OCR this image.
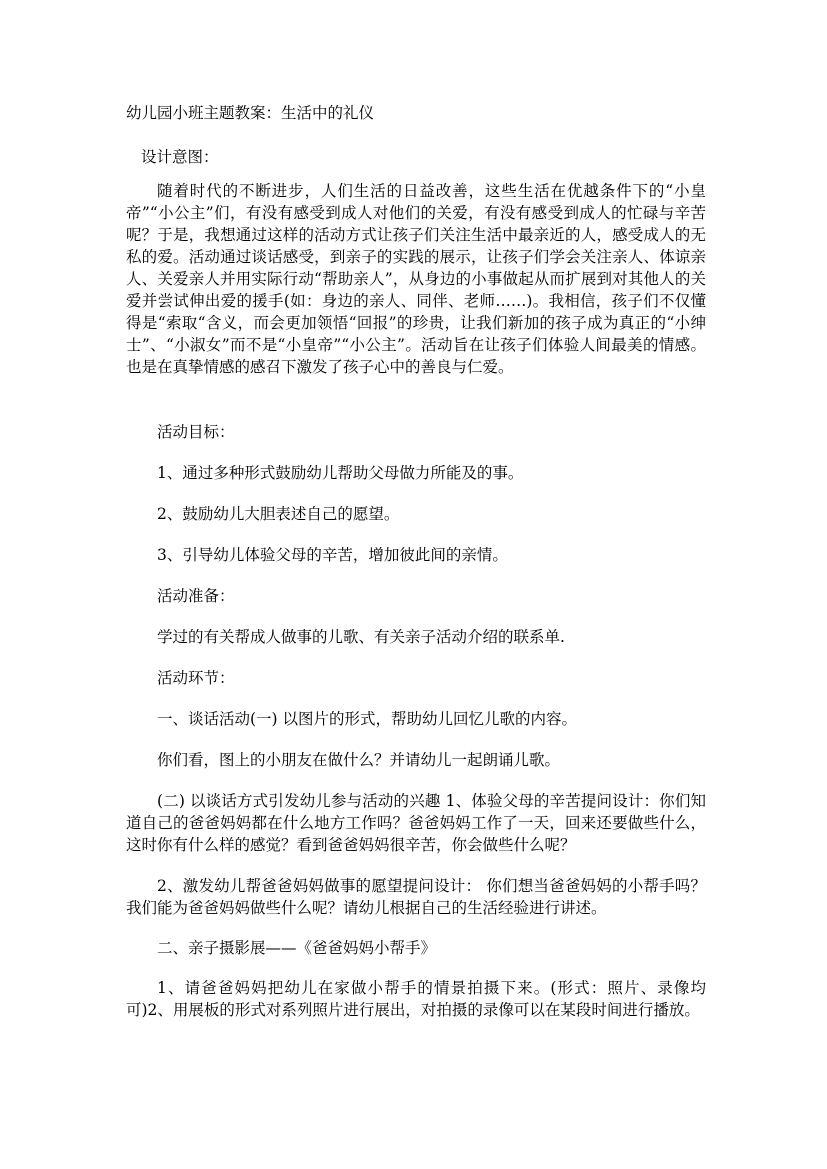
幼儿园小班主题教案：生活中的礼仪

设计意图：

随着时代的不断进步，人们生活的日益改善，这些生活在优越条件下的“小皇帝”“小公主”们，有没有感受到成人对他们的关爱，有没有感受到成人的忙碌与辛苦呢？于是，我想通过这样的活动方式让孩子们关注生活中最亲近的人，感受成人的无私的爱。活动通过谈话感受，到亲子的实践的展示，让孩子们学会关注亲人、体谅亲人、关爱亲人并用实际行动“帮助亲人”，从身边的小事做起从而扩展到对其他人的关爱并尝试伸出爱的援手(如：身边的亲人、同伴、老师……)。我相信，孩子们不仅懂得是“索取“含义，而会更加领悟“回报”的珍贵，让我们新加的孩子成为真正的“小绅士”、“小淑女”而不是“小皇帝”“小公主”。活动旨在让孩子们体验人间最美的情感。也是在真挚情感的感召下激发了孩子心中的善良与仁爱。

活动目标：

1、通过多种形式鼓励幼儿帮助父母做力所能及的事。

2、鼓励幼儿大胆表述自己的愿望。

3、引导幼儿体验父母的辛苦，增加彼此间的亲情。

活动准备：

学过的有关帮成人做事的儿歌、有关亲子活动介绍的联系单.

活动环节：

一、谈话活动(一) 以图片的形式，帮助幼儿回忆儿歌的内容。

你们看，图上的小朋友在做什么？并请幼儿一起朗诵儿歌。

(二) 以谈话方式引发幼儿参与活动的兴趣 1、体验父母的辛苦提问设计：你们知道自己的爸爸妈妈都在什么地方工作吗？爸爸妈妈工作了一天，回来还要做些什么，这时你有什么样的感觉？看到爸爸妈妈很辛苦，你会做些什么呢？

2、激发幼儿帮爸爸妈妈做事的愿望提问设计： 你们想当爸爸妈妈的小帮手吗？我们能为爸爸妈妈做些什么呢？请幼儿根据自己的生活经验进行讲述。

二、亲子摄影展——《爸爸妈妈小帮手》

1、请爸爸妈妈把幼儿在家做小帮手的情景拍摄下来。(形式：照片、录像均可)2、用展板的形式对系列照片进行展出，对拍摄的录像可以在某段时间进行播放。
